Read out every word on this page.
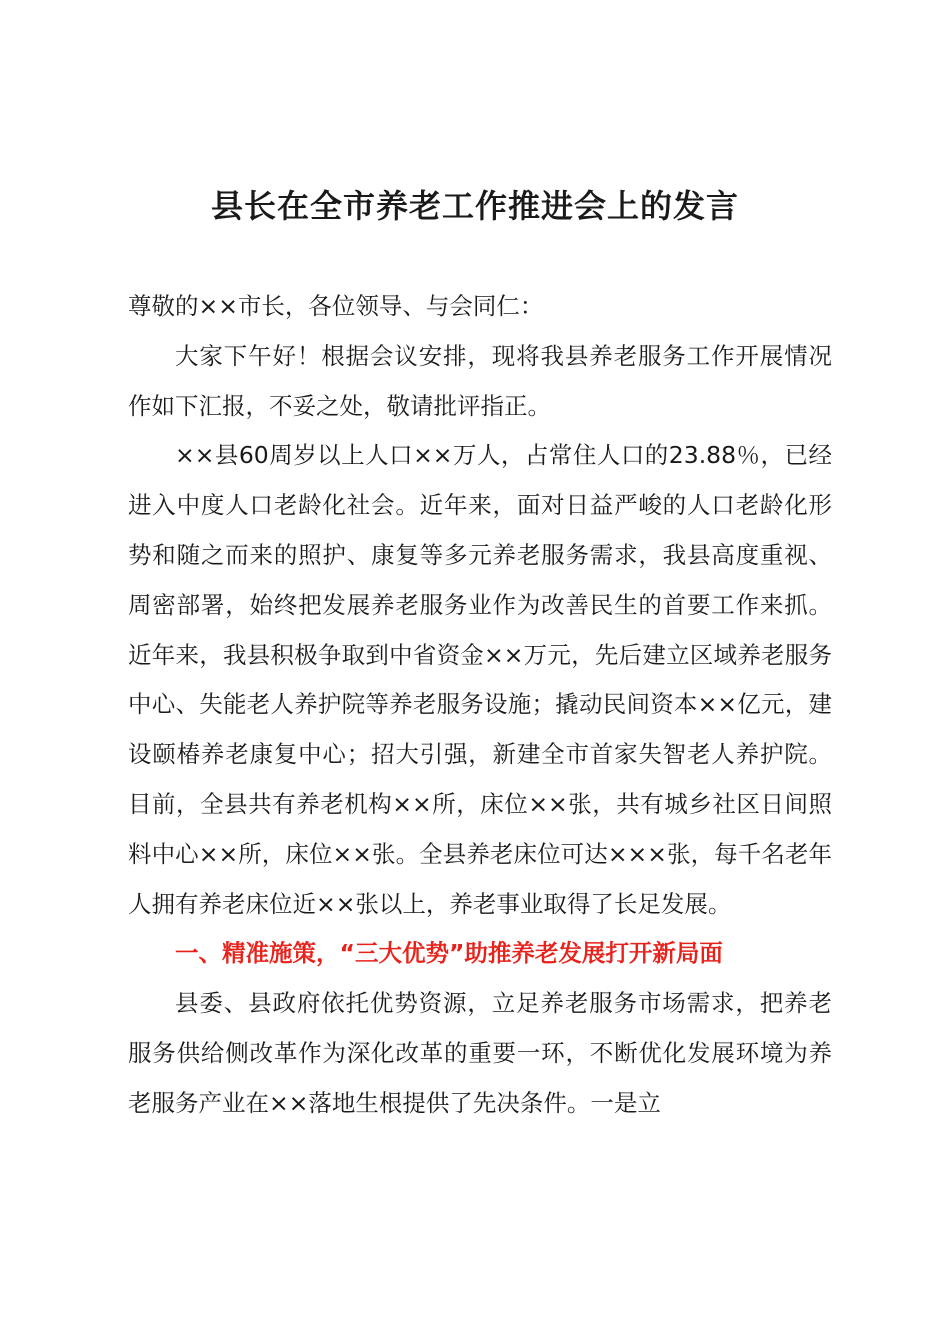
县长在全市养老工作推进会上的发言

尊敬的××市长，各位领导、与会同仁：

大家下午好！根据会议安排，现将我县养老服务工作开展情况作如下汇报，不妥之处，敬请批评指正。

××县60周岁以上人口××万人，占常住人口的23.88％，已经进入中度人口老龄化社会。近年来，面对日益严峻的人口老龄化形势和随之而来的照护、康复等多元养老服务需求，我县高度重视、周密部署，始终把发展养老服务业作为改善民生的首要工作来抓。近年来，我县积极争取到中省资金××万元，先后建立区域养老服务中心、失能老人养护院等养老服务设施；撬动民间资本××亿元，建设颐椿养老康复中心；招大引强，新建全市首家失智老人养护院。目前，全县共有养老机构××所，床位××张，共有城乡社区日间照料中心××所，床位××张。全县养老床位可达×××张，每千名老年人拥有养老床位近××张以上，养老事业取得了长足发展。

一、精准施策，“三大优势”助推养老发展打开新局面

县委、县政府依托优势资源，立足养老服务市场需求，把养老服务供给侧改革作为深化改革的重要一环，不断优化发展环境为养老服务产业在××落地生根提供了先决条件。一是立
